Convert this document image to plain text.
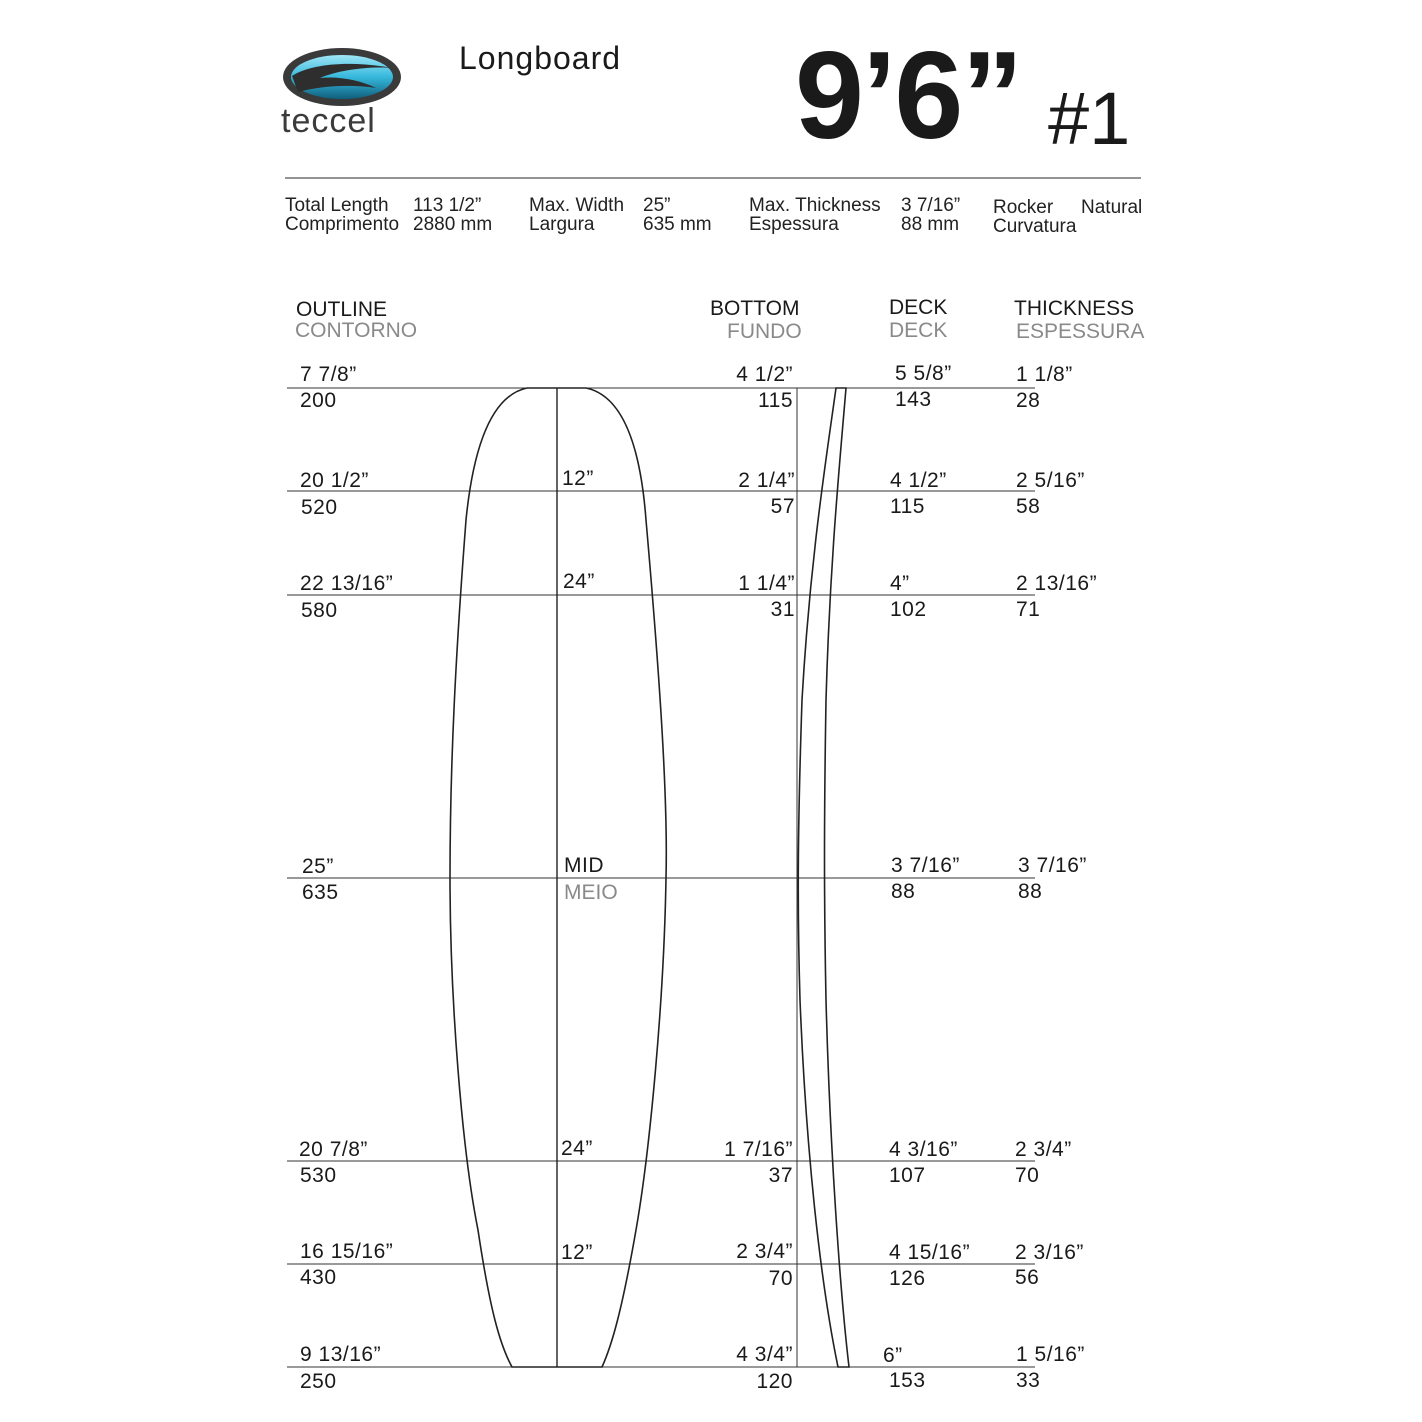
teccel
Longboard 9’6” #1
Total Length 113 1/2”
Comprimento 2880 mm
Max. Width 25”
Largura	635 mm
Max. Thickness 3 7/16”
Espessura	88 mm
Rocker Natural
Curvatura
OUTLINE
CONTORNO
BOTTOM
FUNDO
DECK
DECK
THICKNESS
ESPESSURA
7 7/8”
200
4 1/2”
115
5 5/8”
143
1 1/8”
28
12”
20 1/2”
520
2 1/4”
57
4 1/2”
115
2 5/16”
58
24”
22 13/16”
580
1 1/4”
31
4”
102
2 13/16”
71
MID
MEIO
25”
635
3 7/16”
88
3 7/16”
88
24”
20 7/8”
530
1 7/16”
37
4 3/16”
107
2 3/4”
70
12”
16 15/16”
430
2 3/4”
70
4 15/16”
126
2 3/16”
56
9 13/16”
250
4 3/4”
120
6”
153
1 5/16”
33
